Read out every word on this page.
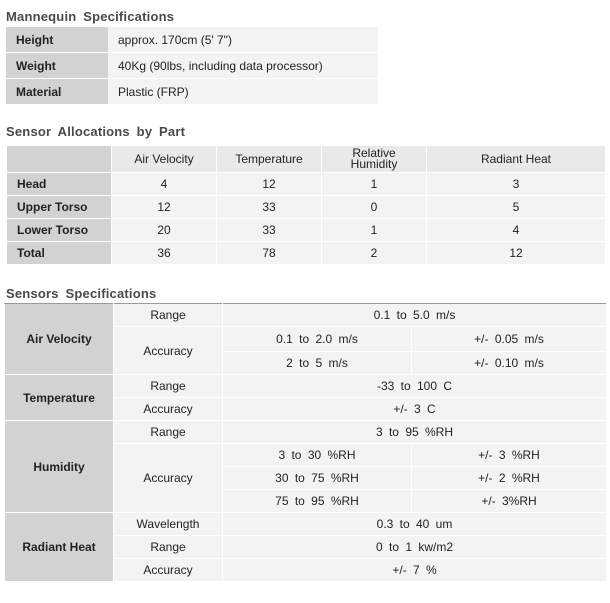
Mannequin Specifications
Height	approx. 170cm (5' 7")
Weight	40Kg (90lbs, including data processor)
Material	Plastic (FRP)
Sensor Allocations by Part
	Air Velocity	Temperature	Relative Humidity	Radiant Heat
Head	4	12	1	3
Upper Torso	12	33	0	5
Lower Torso	20	33	1	4
Total	36	78	2	12
Sensors Specifications
Air Velocity	Range	0.1 to 5.0 m/s	
	Accuracy	0.1 to 2.0 m/s	+/- 0.05 m/s
		2 to 5 m/s	+/- 0.10 m/s
Temperature	Range	-33 to 100 C	
	Accuracy	+/- 3 C	
Humidity	Range	3 to 95 %RH	
	Accuracy	3 to 30 %RH	+/- 3 %RH
		30 to 75 %RH	+/- 2 %RH
		75 to 95 %RH	+/- 3%RH
Radiant Heat	Wavelength	0.3 to 40 um	
	Range	0 to 1 kw/m2	
	Accuracy	+/- 7 %	
